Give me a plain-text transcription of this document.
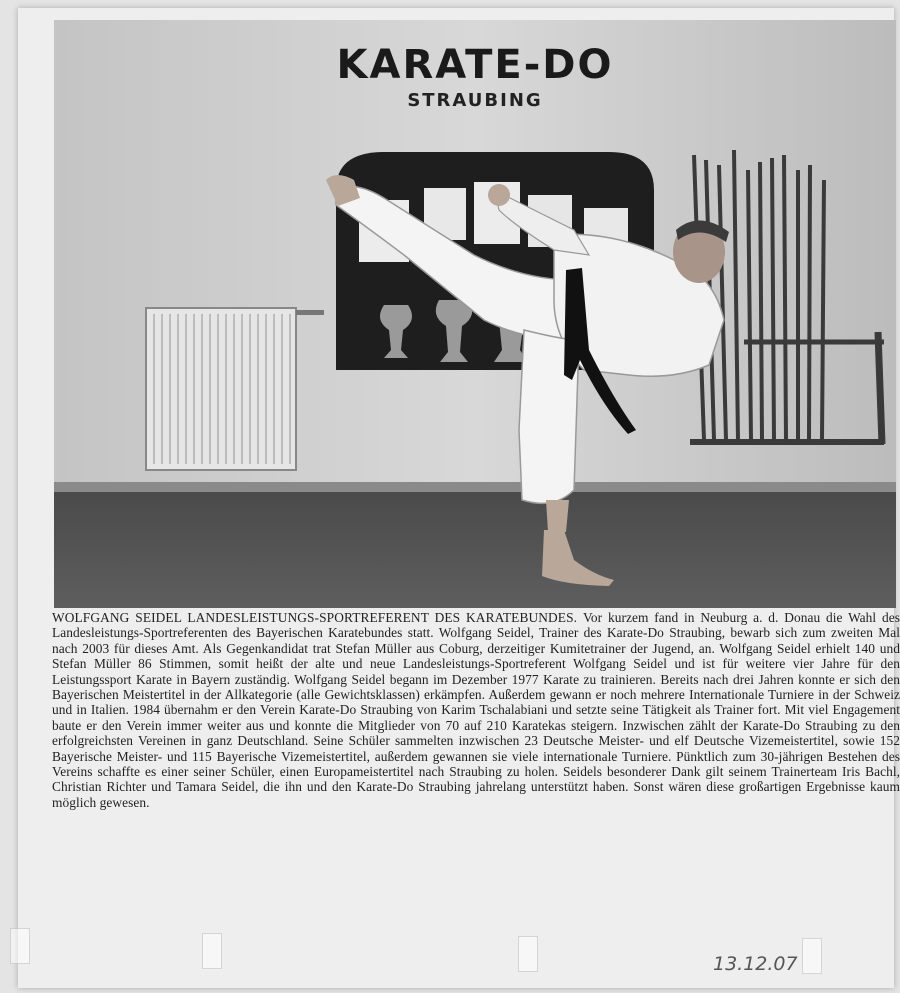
KARATE-DO
STRAUBING
WOLFGANG SEIDEL LANDESLEISTUNGS-SPORTREFERENT DES KARATEBUNDES. Vor kurzem fand in Neuburg a. d. Donau die Wahl des Landesleistungs-Sportreferenten des Bayerischen Karatebundes statt. Wolfgang Seidel, Trainer des Karate-Do Straubing, bewarb sich zum zweiten Mal nach 2003 für dieses Amt. Als Gegenkandidat trat Stefan Müller aus Coburg, derzeitiger Kumitetrainer der Jugend, an. Wolfgang Seidel erhielt 140 und Stefan Müller 86 Stimmen, somit heißt der alte und neue Landesleistungs-Sportreferent Wolfgang Seidel und ist für weitere vier Jahre für den Leistungssport Karate in Bayern zuständig. Wolfgang Seidel begann im Dezember 1977 Karate zu trainieren. Bereits nach drei Jahren konnte er sich den Bayerischen Meistertitel in der Allkategorie (alle Gewichtsklassen) erkämpfen. Außerdem gewann er noch mehrere Internationale Turniere in der Schweiz und in Italien. 1984 übernahm er den Verein Karate-Do Straubing von Karim Tschalabiani und setzte seine Tätigkeit als Trainer fort. Mit viel Engagement baute er den Verein immer weiter aus und konnte die Mitglieder von 70 auf 210 Karatekas steigern. Inzwischen zählt der Karate-Do Straubing zu den erfolgreichsten Vereinen in ganz Deutschland. Seine Schüler sammelten inzwischen 23 Deutsche Meister- und elf Deutsche Vizemeistertitel, sowie 152 Bayerische Meister- und 115 Bayerische Vizemeistertitel, außerdem gewannen sie viele internationale Turniere. Pünktlich zum 30-jährigen Bestehen des Vereins schaffte es einer seiner Schüler, einen Europameistertitel nach Straubing zu holen. Seidels besonderer Dank gilt seinem Trainerteam Iris Bachl, Christian Richter und Tamara Seidel, die ihn und den Karate-Do Straubing jahrelang unterstützt haben. Sonst wären diese großartigen Ergebnisse kaum möglich gewesen.
13.12.07
